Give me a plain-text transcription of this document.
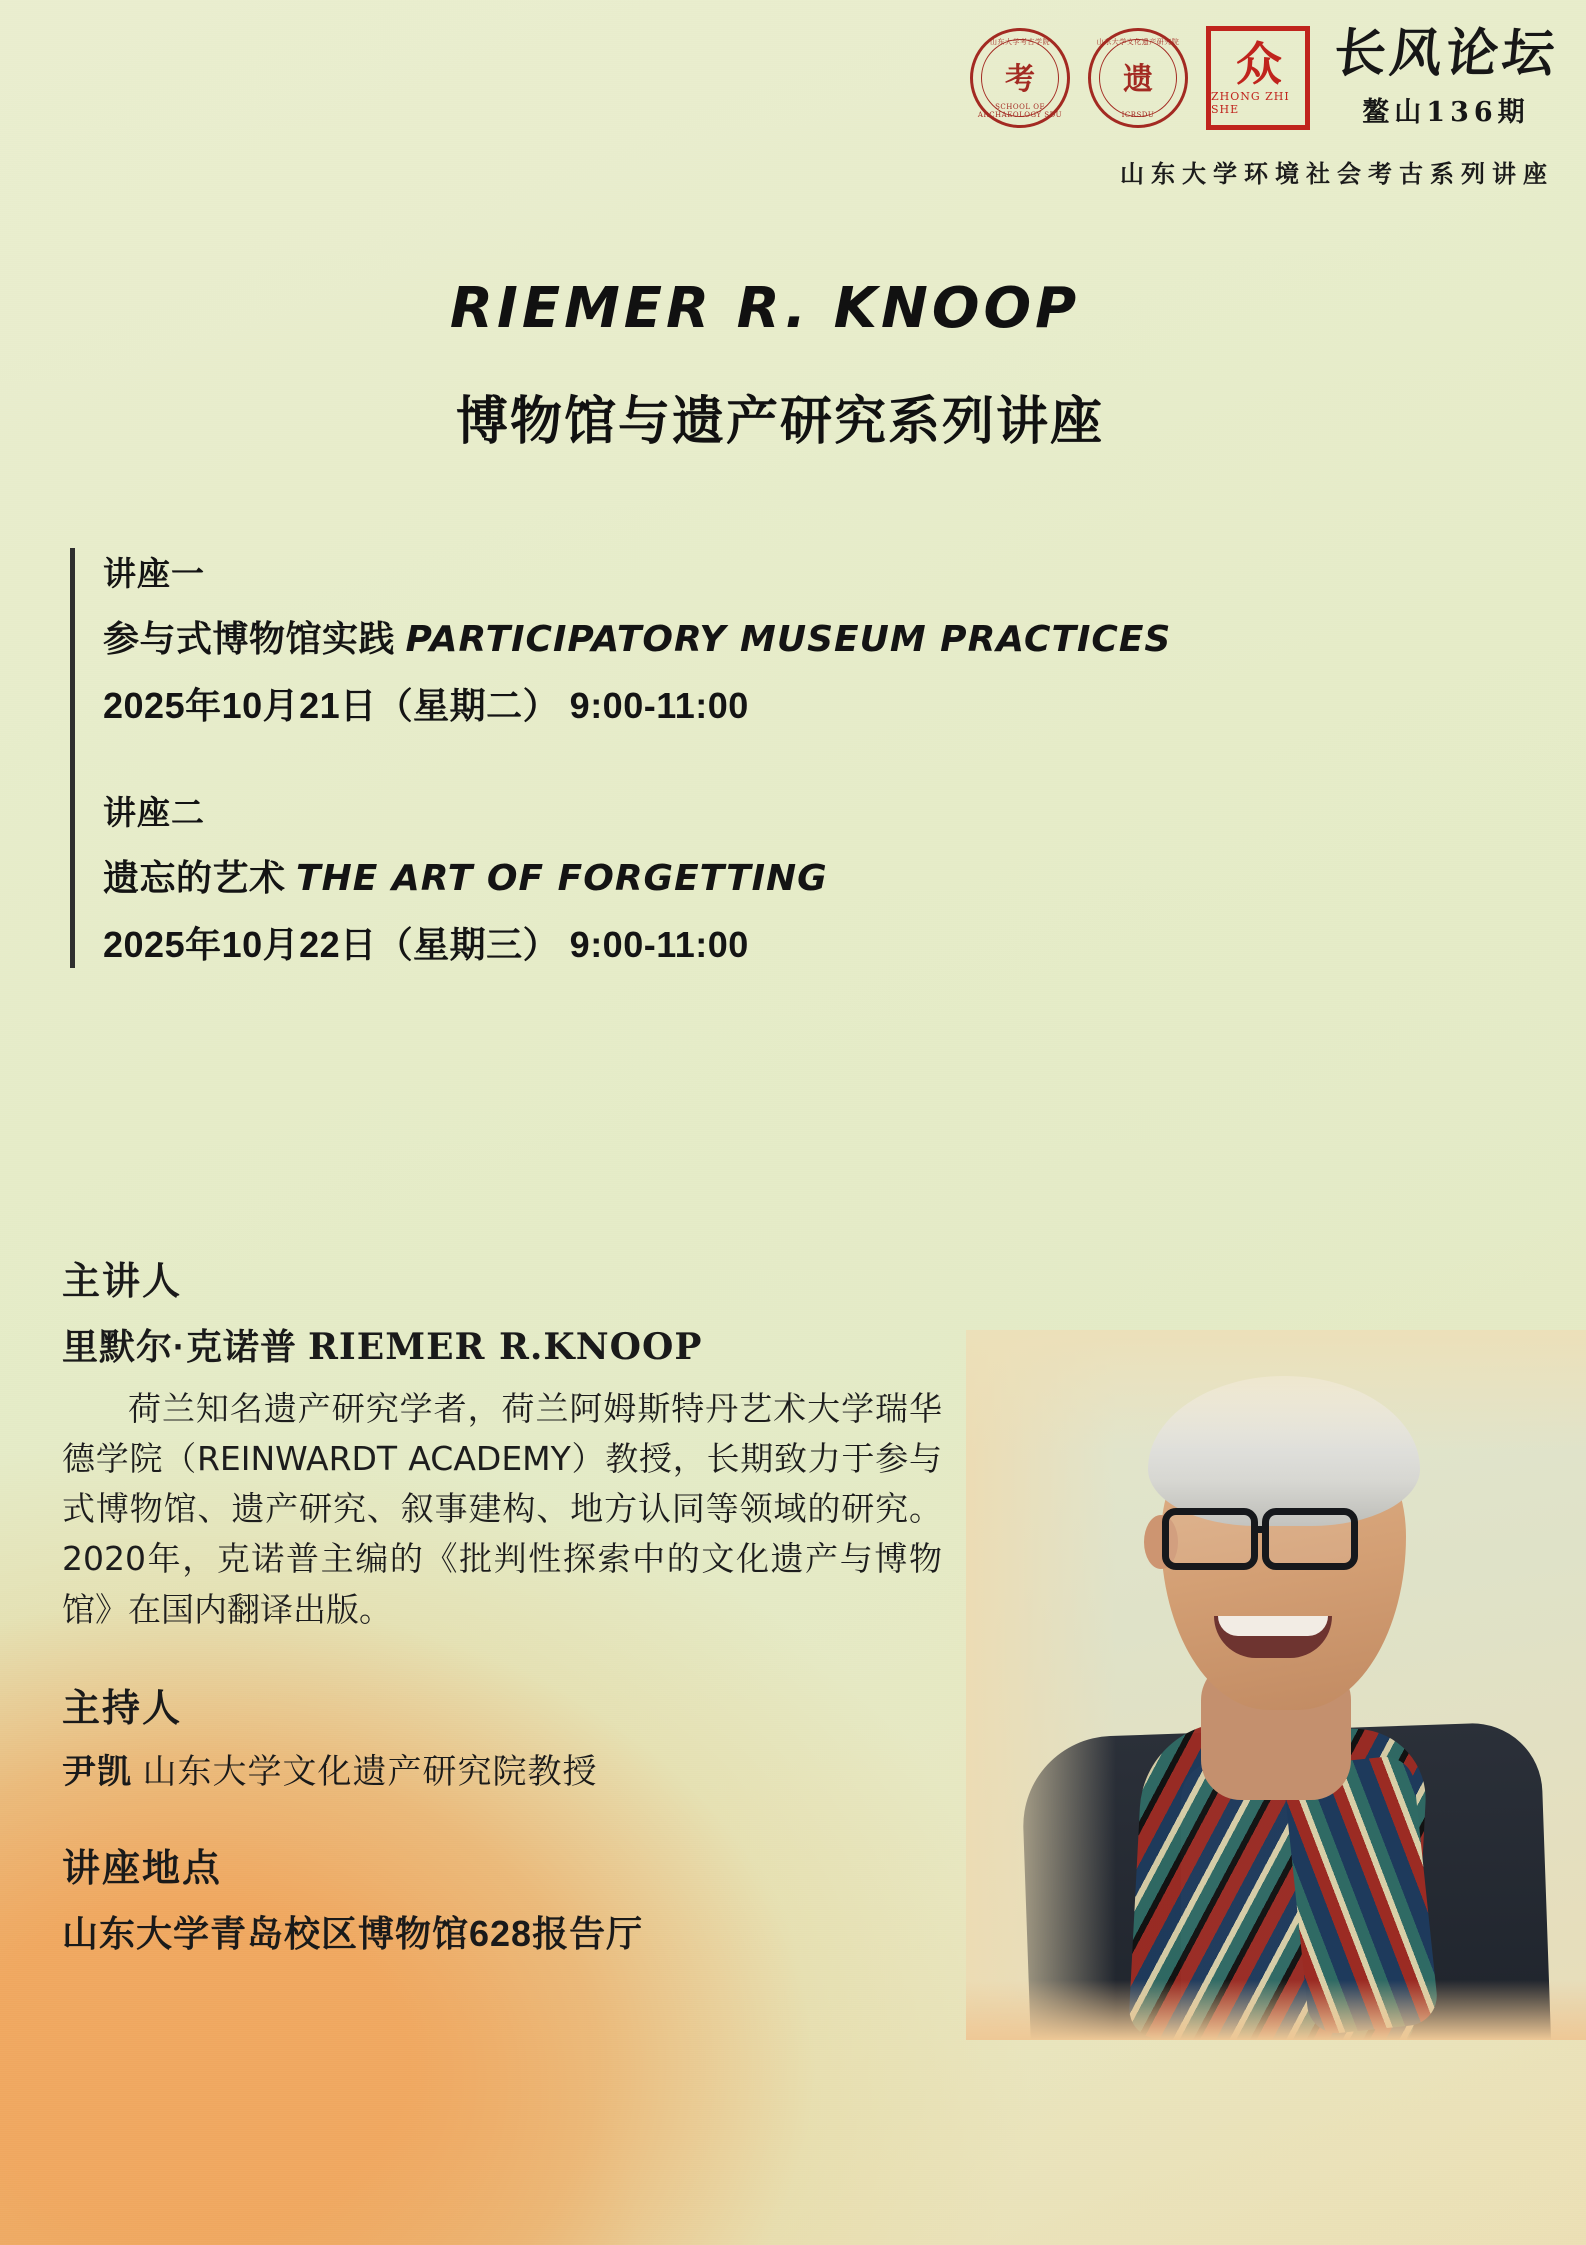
山东大学考古学院
考
SCHOOL OF ARCHAEOLOGY SDU
山东大学文化遗产研究院
遗
ICRSDU
众
ZHONG ZHI SHE
长风论坛
鳌山136期
山东大学环境社会考古系列讲座
RIEMER R. KNOOP
博物馆与遗产研究系列讲座
讲座一
参与式博物馆实践 PARTICIPATORY MUSEUM PRACTICES
2025年10月21日（星期二） 9:00-11:00
讲座二
遗忘的艺术 THE ART OF FORGETTING
2025年10月22日（星期三） 9:00-11:00
主讲人
里默尔·克诺普 RIEMER R.KNOOP
荷兰知名遗产研究学者，荷兰阿姆斯特丹艺术大学瑞华德学院（REINWARDT ACADEMY）教授，长期致力于参与式博物馆、遗产研究、叙事建构、地方认同等领域的研究。2020年，克诺普主编的《批判性探索中的文化遗产与博物馆》在国内翻译出版。
主持人
尹凯 山东大学文化遗产研究院教授
讲座地点
山东大学青岛校区博物馆628报告厅
